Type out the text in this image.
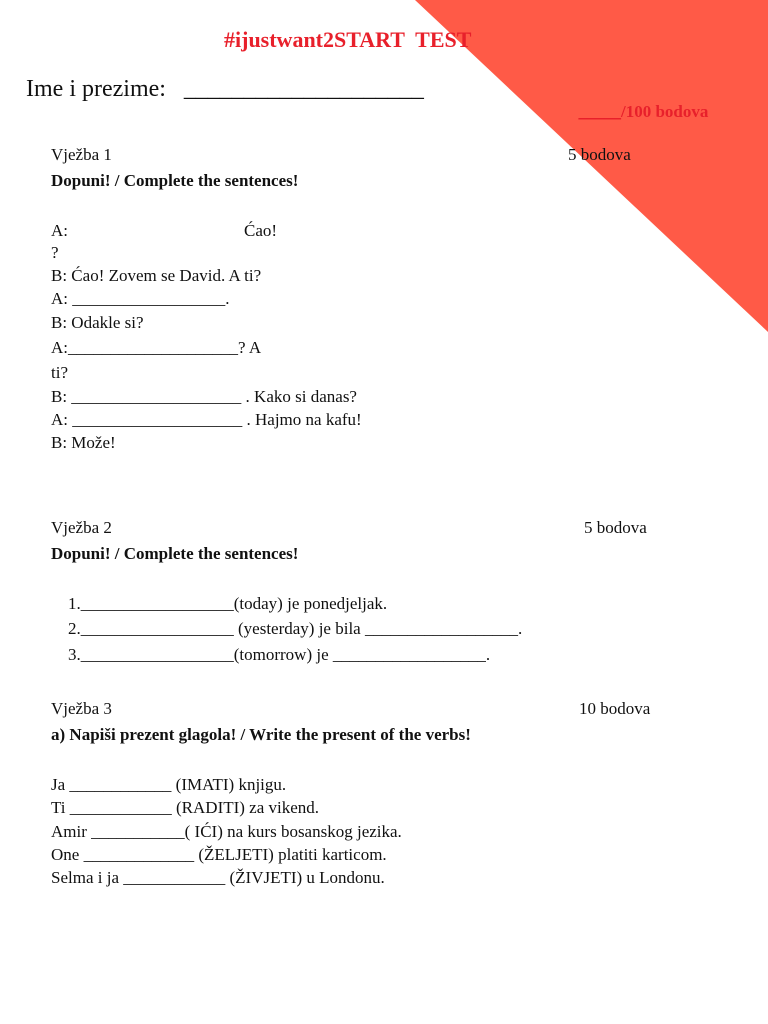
#ijustwant2START  TEST
Ime i prezime:   ____________________

_____/100 bodova

Vježba 1	5 bodova
Dopuni! / Complete the sentences!
A:	Ćao!
?
B: Ćao! Zovem se David. A ti?
A: __________________.
B: Odakle si?
A:____________________? A
ti?
B: ____________________ . Kako si danas?
A: ____________________ . Hajmo na kafu!
B: Može!
Vježba 2	5 bodova
Dopuni! / Complete the sentences!
1.__________________(today) je ponedjeljak.
2.__________________ (yesterday) je bila __________________.
3.__________________(tomorrow) je __________________.
Vježba 3	10 bodova
a) Napiši prezent glagola! / Write the present of the verbs!
Ja ____________ (IMATI) knjigu.
Ti ____________ (RADITI) za vikend.
Amir ___________( IĆI) na kurs bosanskog jezika.
One _____________ (ŽELJETI) platiti karticom.
Selma i ja ____________ (ŽIVJETI) u Londonu.
